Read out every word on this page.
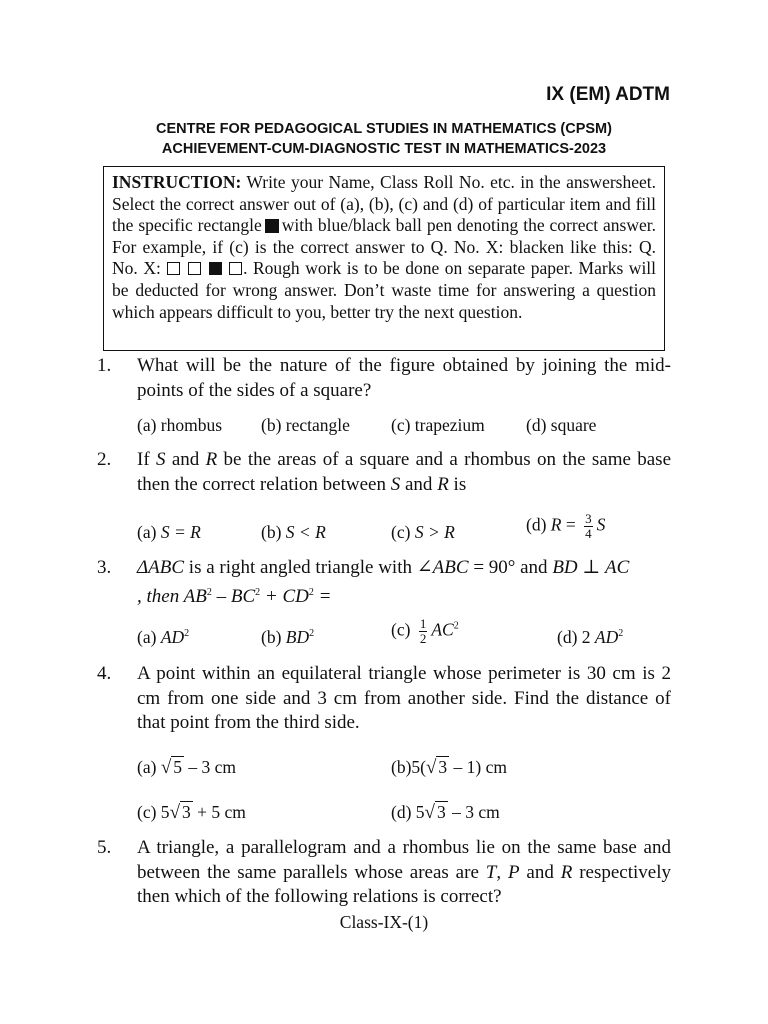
IX (EM) ADTM
CENTRE FOR PEDAGOGICAL STUDIES IN MATHEMATICS (CPSM)
ACHIEVEMENT-CUM-DIAGNOSTIC TEST IN MATHEMATICS-2023
INSTRUCTION: Write your Name, Class Roll No. etc. in the answersheet. Select the correct answer out of (a), (b), (c) and (d) of particular item and fill the specific rectangle with blue/black ball pen denoting the correct answer. For example, if (c) is the correct answer to Q. No. X: blacken like this: Q. No. X:	. Rough work is to be done on separate paper. Marks will be deducted for wrong answer. Don’t waste time for answering a question which appears difficult to you, better try the next question.
1. What will be the nature of the figure obtained by joining the mid-points of the sides of a square?
(a) rhombus (b) rectangle (c) trapezium (d) square
2. If S and R be the areas of a square and a rhombus on the same base then the correct relation between S and R is
(a) S = R	(b) S < R	(c) S > R	(d) $R = \frac{3}{4}$ S
3. ΔABC is a right angled triangle with ∠ABC = 90° and BD ⊥ AC
, then $AB^2 - BC^2 + CD^2$ =
(a) $AD^2$	(b) $BD^2$	$(c) \frac{1}{2} AC^2$
(d) 2 $AD^2$
4. A point within an equilateral triangle whose perimeter is 30 cm is 2 cm from one side and 3 cm from another side. Find the distance of that point from the third side.
(a) √ 5 – 3 cm	(b)5(√ 3 – 1) cm
(c) 5√ 3 + 5 cm	(d) 5√ 3 – 3 cm
5. A triangle, a parallelogram and a rhombus lie on the same base and between the same parallels whose areas are T, P and R respectively then which of the following relations is correct?
Class-IX-(1)
